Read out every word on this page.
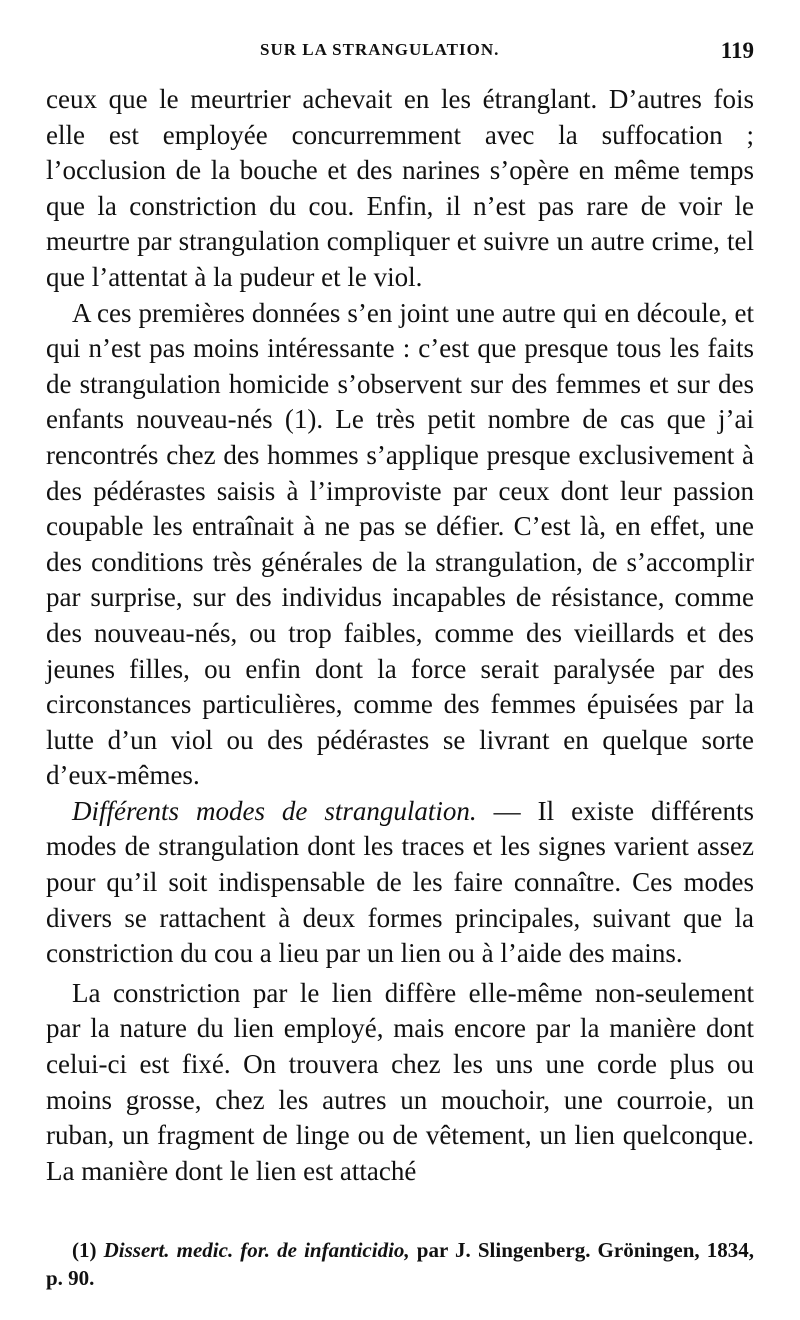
SUR LA STRANGULATION.	119

ceux que le meurtrier achevait en les étranglant. D’autres fois elle est employée concurremment avec la suffocation ; l’occlusion de la bouche et des narines s’opère en même temps que la constriction du cou. Enfin, il n’est pas rare de voir le meurtre par strangulation compliquer et suivre un autre crime, tel que l’attentat à la pudeur et le viol.

A ces premières données s’en joint une autre qui en découle, et qui n’est pas moins intéressante : c’est que presque tous les faits de strangulation homicide s’observent sur des femmes et sur des enfants nouveau-nés (1). Le très petit nombre de cas que j’ai rencontrés chez des hommes s’applique presque exclusivement à des pédérastes saisis à l’improviste par ceux dont leur passion coupable les entraînait à ne pas se défier. C’est là, en effet, une des conditions très générales de la strangulation, de s’accomplir par surprise, sur des individus incapables de résistance, comme des nouveau-nés, ou trop faibles, comme des vieillards et des jeunes filles, ou enfin dont la force serait paralysée par des circonstances particulières, comme des femmes épuisées par la lutte d’un viol ou des pédérastes se livrant en quelque sorte d’eux-mêmes.

Différents modes de strangulation. — Il existe différents modes de strangulation dont les traces et les signes varient assez pour qu’il soit indispensable de les faire connaître. Ces modes divers se rattachent à deux formes principales, suivant que la constriction du cou a lieu par un lien ou à l’aide des mains.

La constriction par le lien diffère elle-même non-seulement par la nature du lien employé, mais encore par la manière dont celui-ci est fixé. On trouvera chez les uns une corde plus ou moins grosse, chez les autres un mouchoir, une courroie, un ruban, un fragment de linge ou de vêtement, un lien quelconque. La manière dont le lien est attaché

(1) Dissert. medic. for. de infanticidio, par J. Slingenberg. Gröningen, 1834, p. 90.
